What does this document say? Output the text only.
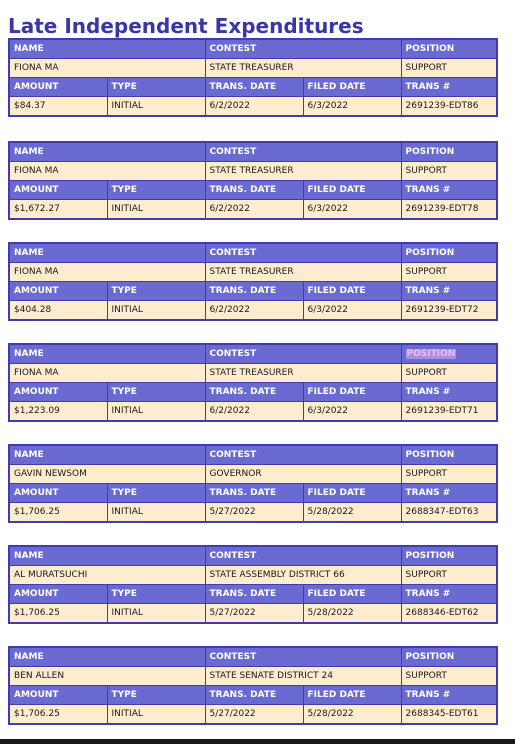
Late Independent Expenditures
NAME		CONTEST		POSITION
FIONA MA		STATE TREASURER		SUPPORT
AMOUNT	TYPE	TRANS. DATE	FILED DATE	TRANS #
$84.37	INITIAL	6/2/2022	6/3/2022	2691239-EDT86
NAME		CONTEST		POSITION
FIONA MA		STATE TREASURER		SUPPORT
AMOUNT	TYPE	TRANS. DATE	FILED DATE	TRANS #
$1,672.27	INITIAL	6/2/2022	6/3/2022	2691239-EDT78
NAME		CONTEST		POSITION
FIONA MA		STATE TREASURER		SUPPORT
AMOUNT	TYPE	TRANS. DATE	FILED DATE	TRANS #
$404.28	INITIAL	6/2/2022	6/3/2022	2691239-EDT72
NAME		CONTEST		POSITION
FIONA MA		STATE TREASURER		SUPPORT
AMOUNT	TYPE	TRANS. DATE	FILED DATE	TRANS #
$1,223.09	INITIAL	6/2/2022	6/3/2022	2691239-EDT71
NAME		CONTEST		POSITION
GAVIN NEWSOM		GOVERNOR		SUPPORT
AMOUNT	TYPE	TRANS. DATE	FILED DATE	TRANS #
$1,706.25	INITIAL	5/27/2022	5/28/2022	2688347-EDT63
NAME		CONTEST		POSITION
AL MURATSUCHI		STATE ASSEMBLY DISTRICT 66		SUPPORT
AMOUNT	TYPE	TRANS. DATE	FILED DATE	TRANS #
$1,706.25	INITIAL	5/27/2022	5/28/2022	2688346-EDT62
NAME		CONTEST		POSITION
BEN ALLEN		STATE SENATE DISTRICT 24		SUPPORT
AMOUNT	TYPE	TRANS. DATE	FILED DATE	TRANS #
$1,706.25	INITIAL	5/27/2022	5/28/2022	2688345-EDT61
